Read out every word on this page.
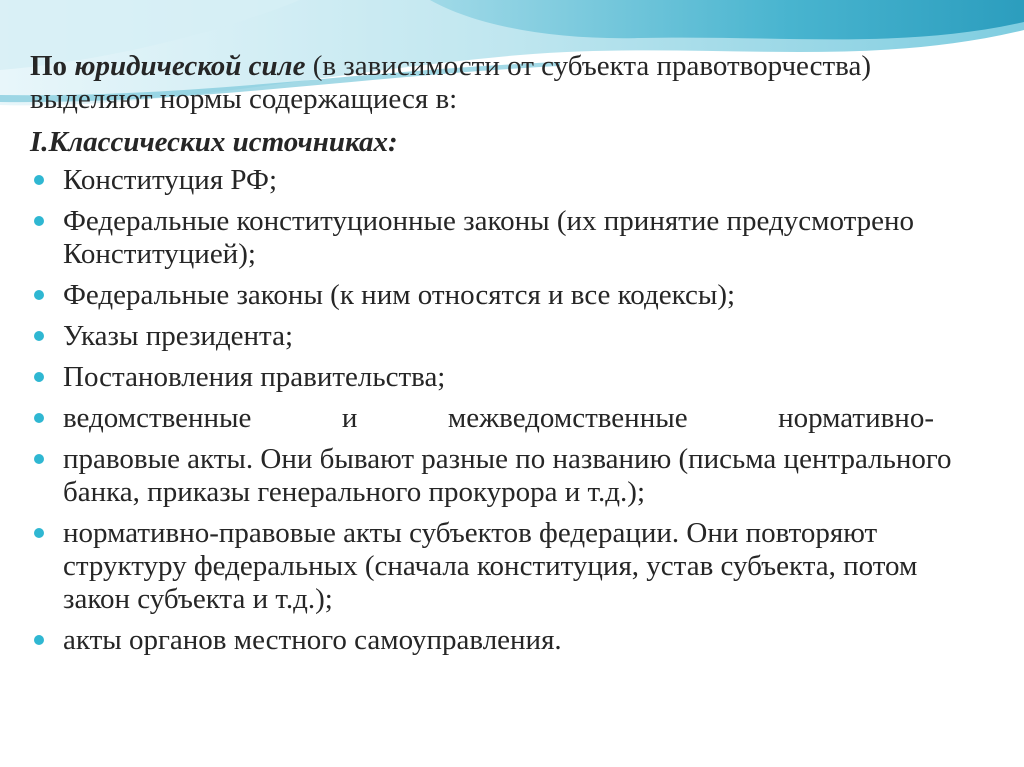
По юридической силе (в зависимости от субъекта правотворчества) выделяют нормы содержащиеся в:

I.Классических источниках:

Конституция РФ;
Федеральные конституционные законы (их принятие предусмотрено Конституцией);
Федеральные законы (к ним относятся и все кодексы);
Указы президента;
Постановления правительства;
ведомственные	и	межведомственные	нормативно-
правовые акты. Они бывают разные по названию (письма центрального банка, приказы генерального прокурора и т.д.);
нормативно-правовые акты субъектов федерации. Они повторяют структуру федеральных (сначала конституция, устав субъекта, потом закон субъекта и т.д.);
акты органов местного самоуправления.
